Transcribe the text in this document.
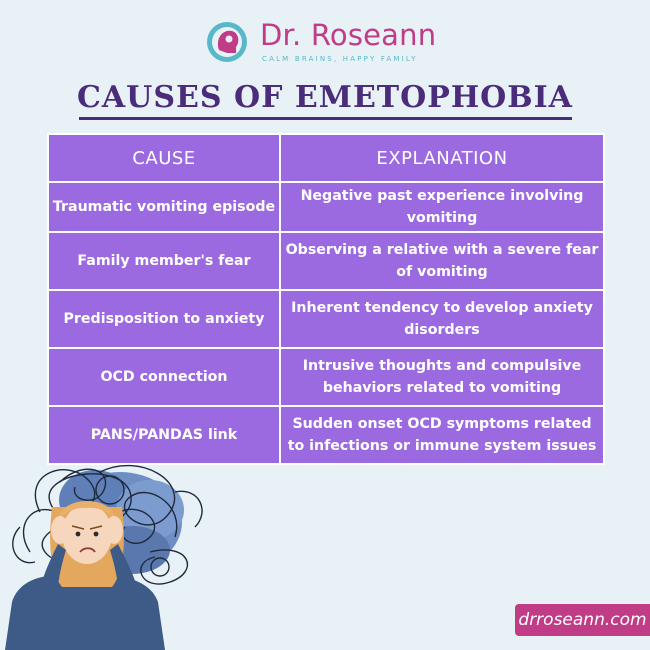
Dr. Roseann
CALM BRAINS, HAPPY FAMILY
CAUSES OF EMETOPHOBIA
CAUSE	EXPLANATION
Traumatic vomiting episode	Negative past experience involving vomiting
Family member's fear	Observing a relative with a severe fear of vomiting
Predisposition to anxiety	Inherent tendency to develop anxiety disorders
OCD connection	Intrusive thoughts and compulsive behaviors related to vomiting
PANS/PANDAS link	Sudden onset OCD symptoms related to infections or immune system issues
drroseann.com
